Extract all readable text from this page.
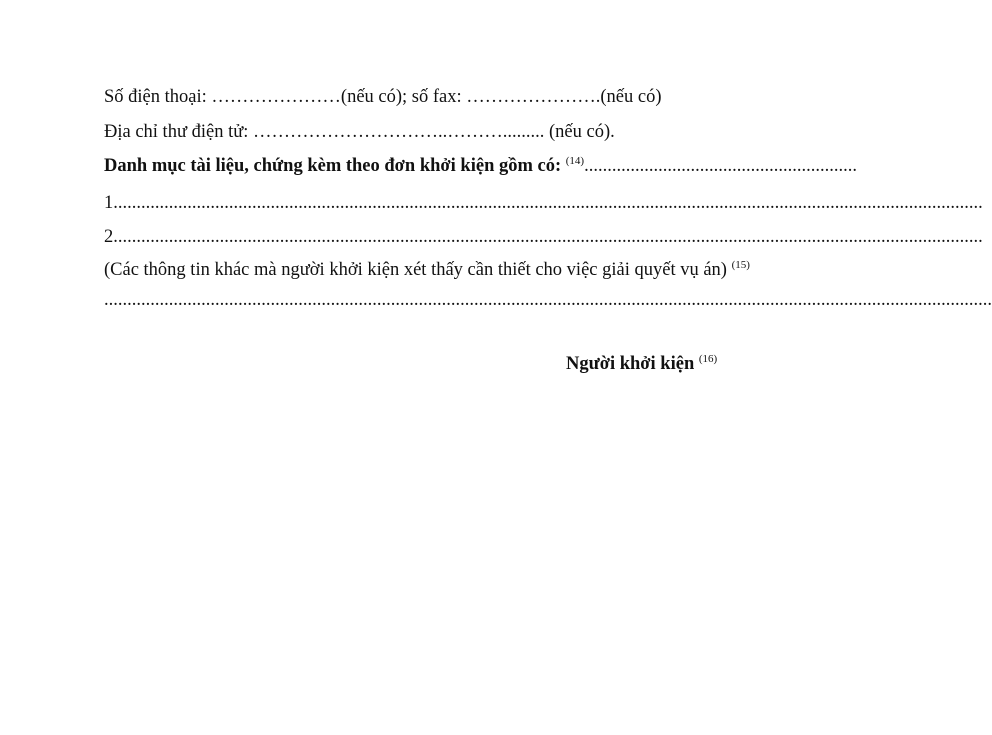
Số điện thoại: …………………(nếu có); số fax: ………………….(nếu có)
Địa chỉ thư điện tử: …………………………..………......... (nếu có).
Danh mục tài liệu, chứng kèm theo đơn khởi kiện gồm có: $^{(14)}$...........................................................
1............................................................................................................................................................................................
2............................................................................................................................................................................................
(Các thông tin khác mà người khởi kiện xét thấy cần thiết cho việc giải quyết vụ án) $^{(15)}$
................................................................................................................................................................................................
Người khởi kiện $^{(16)}$
